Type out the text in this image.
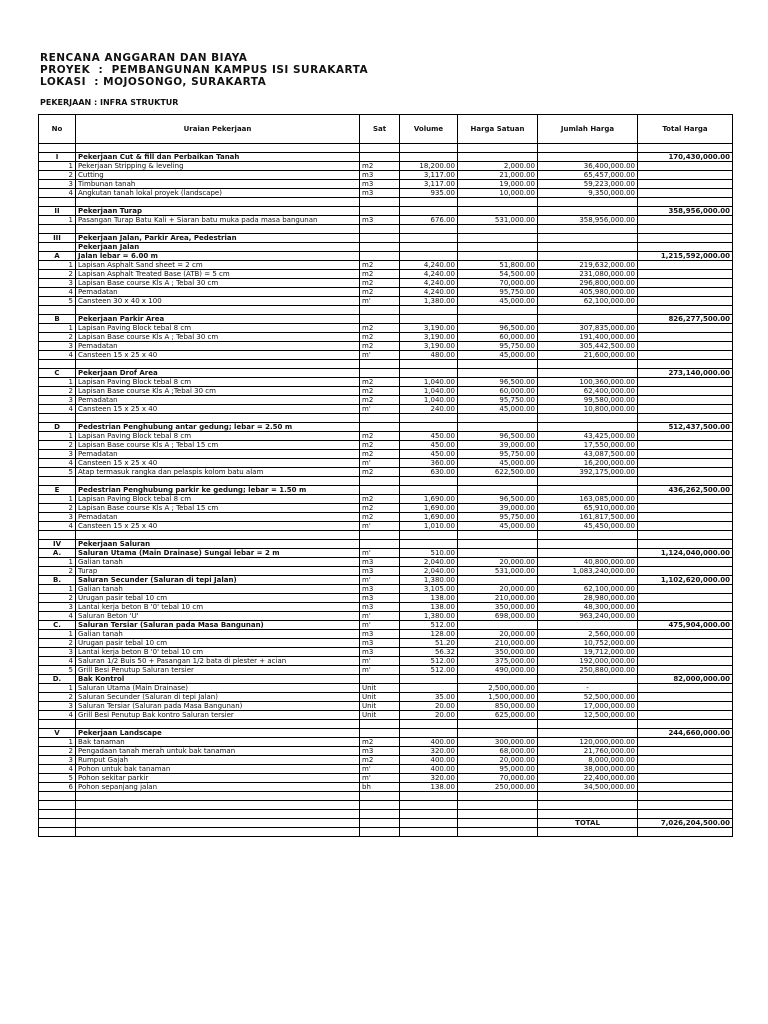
RENCANA ANGGARAN DAN BIAYA
PROYEK  :  PEMBANGUNAN KAMPUS ISI SURAKARTA
LOKASI  : MOJOSONGO, SURAKARTA
PEKERJAAN : INFRA STRUKTUR
No	Uraian Pekerjaan	Sat	Volume	Harga Satuan	Jumlah Harga	Total Harga

I	Pekerjaan Cut & fill dan Perbaikan Tanah					170,430,000.00
1	Pekerjaan Stripping & leveling	m2	18,200.00	2,000.00	36,400,000.00	
2	Cutting	m3	3,117.00	21,000.00	65,457,000.00	
3	Timbunan tanah	m3	3,117.00	19,000.00	59,223,000.00	
4	Angkutan tanah lokal proyek (landscape)	m3	935.00	10,000.00	9,350,000.00	

II	Pekerjaan Turap					358,956,000.00
1	Pasangan Turap Batu Kali + Siaran batu muka pada masa bangunan	m3	676.00	531,000.00	358,956,000.00	

III	Pekerjaan Jalan, Parkir Area, Pedestrian					
	Pekerjaan Jalan					
A	Jalan lebar = 6.00 m					1,215,592,000.00
1	Lapisan Asphalt Sand sheet = 2 cm	m2	4,240.00	51,800.00	219,632,000.00	
2	Lapisan Asphalt Treated Base (ATB) = 5 cm	m2	4,240.00	54,500.00	231,080,000.00	
3	Lapisan Base course Kls A ; Tebal 30 cm	m2	4,240.00	70,000.00	296,800,000.00	
4	Pemadatan	m2	4,240.00	95,750.00	405,980,000.00	
5	Cansteen 30 x 40 x 100	m'	1,380.00	45,000.00	62,100,000.00	

B	Pekerjaan Parkir Area					826,277,500.00
1	Lapisan Paving Block tebal 8 cm	m2	3,190.00	96,500.00	307,835,000.00	
2	Lapisan Base course Kls A ; Tebal 30 cm	m2	3,190.00	60,000.00	191,400,000.00	
3	Pemadatan	m2	3,190.00	95,750.00	305,442,500.00	
4	Cansteen 15 x 25 x 40	m'	480.00	45,000.00	21,600,000.00	

C	Pekerjaan Drof Area					273,140,000.00
1	Lapisan Paving Block tebal 8 cm	m2	1,040.00	96,500.00	100,360,000.00	
2	Lapisan Base course Kls A ;Tebal 30 cm	m2	1,040.00	60,000.00	62,400,000.00	
3	Pemadatan	m2	1,040.00	95,750.00	99,580,000.00	
4	Cansteen 15 x 25 x 40	m'	240.00	45,000.00	10,800,000.00	

D	Pedestrian Penghubung antar gedung; lebar = 2.50 m					512,437,500.00
1	Lapisan Paving Block tebal 8 cm	m2	450.00	96,500.00	43,425,000.00	
2	Lapisan Base course Kls A ; Tebal 15 cm	m2	450.00	39,000.00	17,550,000.00	
3	Pemadatan	m2	450.00	95,750.00	43,087,500.00	
4	Cansteen 15 x 25 x 40	m'	360.00	45,000.00	16,200,000.00	
5	Atap termasuk rangka dan pelaspis kolom batu alam	m2	630.00	622,500.00	392,175,000.00	

E	Pedestrian Penghubung parkir ke gedung; lebar = 1.50 m					436,262,500.00
1	Lapisan Paving Block tebal 8 cm	m2	1,690.00	96,500.00	163,085,000.00	
2	Lapisan Base course Kls A ; Tebal 15 cm	m2	1,690.00	39,000.00	65,910,000.00	
3	Pemadatan	m2	1,690.00	95,750.00	161,817,500.00	
4	Cansteen 15 x 25 x 40	m'	1,010.00	45,000.00	45,450,000.00	

IV	Pekerjaan Saluran					
A.	Saluran Utama (Main Drainase) Sungai lebar = 2 m	m'	510.00			1,124,040,000.00
1	Galian tanah	m3	2,040.00	20,000.00	40,800,000.00	
2	Turap	m3	2,040.00	531,000.00	1,083,240,000.00	
B.	Saluran Secunder (Saluran di tepi Jalan)	m'	1,380.00			1,102,620,000.00
1	Galian tanah	m3	3,105.00	20,000.00	62,100,000.00	
2	Urugan pasir tebal 10 cm	m3	138.00	210,000.00	28,980,000.00	
3	Lantai kerja beton B '0' tebal 10 cm	m3	138.00	350,000.00	48,300,000.00	
4	Saluran Beton 'U'	m'	1,380.00	698,000.00	963,240,000.00	
C.	Saluran Tersiar (Saluran pada Masa Bangunan)	m'	512.00			475,904,000.00
1	Galian tanah	m3	128.00	20,000.00	2,560,000.00	
2	Urugan pasir tebal 10 cm	m3	51.20	210,000.00	10,752,000.00	
3	Lantai kerja beton B '0' tebal 10 cm	m3	56.32	350,000.00	19,712,000.00	
4	Saluran 1/2 Buis 50 + Pasangan 1/2 bata di plester + acian	m'	512.00	375,000.00	192,000,000.00	
5	Grill Besi Penutup Saluran tersier	m'	512.00	490,000.00	250,880,000.00	
D.	Bak Kontrol					82,000,000.00
1	Saluran Utama (Main Drainase)	Unit		2,500,000.00	-	
2	Saluran Secunder (Saluran di tepi Jalan)	Unit	35.00	1,500,000.00	52,500,000.00	
3	Saluran Tersiar (Saluran pada Masa Bangunan)	Unit	20.00	850,000.00	17,000,000.00	
4	Grill Besi Penutup Bak kontro Saluran tersier	Unit	20.00	625,000.00	12,500,000.00	

V	Pekerjaan Landscape					244,660,000.00
1	Bak tanaman	m2	400.00	300,000.00	120,000,000.00	
2	Pengadaan tanah merah untuk bak tanaman	m3	320.00	68,000.00	21,760,000.00	
3	Rumput Gajah	m2	400.00	20,000.00	8,000,000.00	
4	Pohon untuk bak tanaman	m'	400.00	95,000.00	38,000,000.00	
5	Pohon sekitar parkir	m'	320.00	70,000.00	22,400,000.00	
6	Pohon sepanjang jalan	bh	138.00	250,000.00	34,500,000.00	

					TOTAL	7,026,204,500.00
